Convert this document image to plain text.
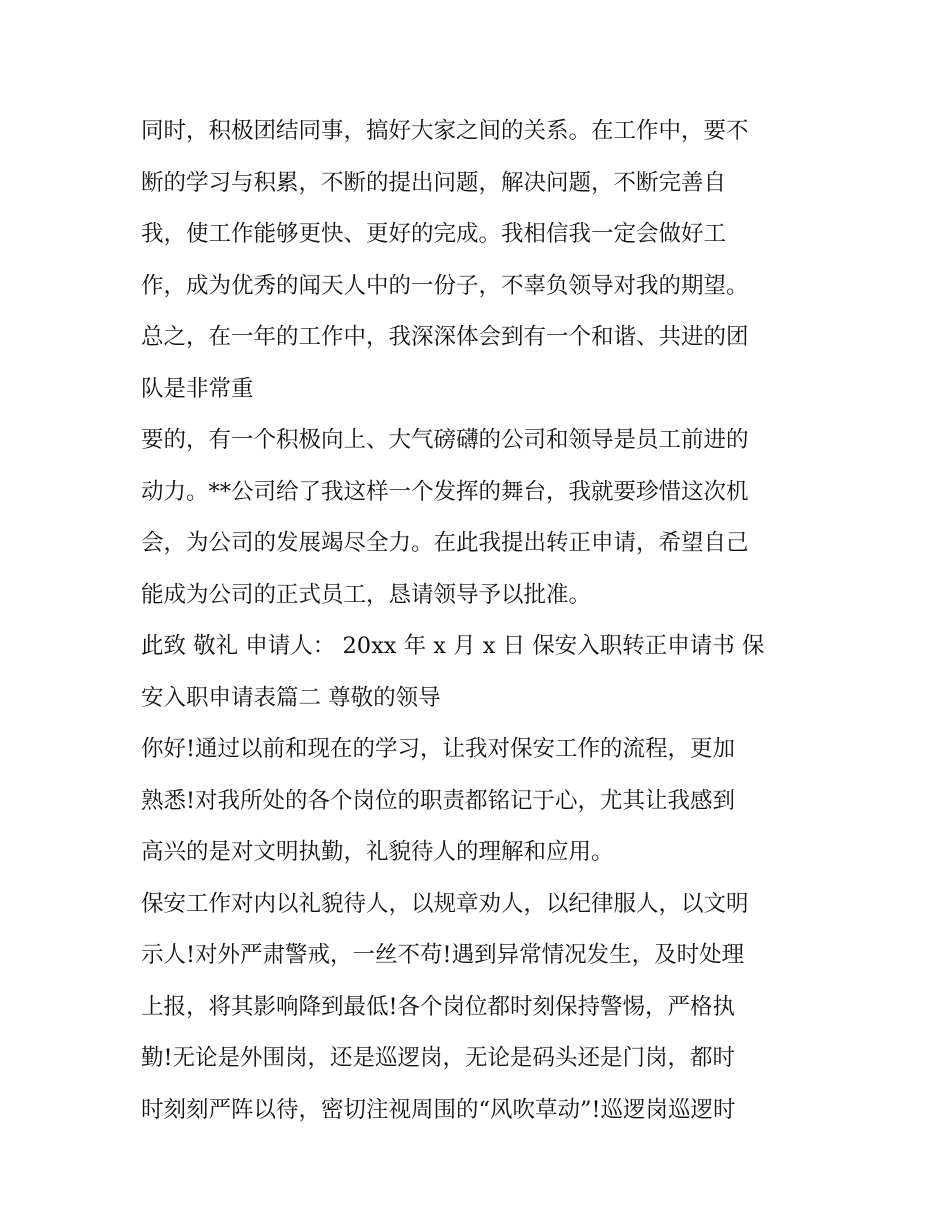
同时，积极团结同事，搞好大家之间的关系。在工作中，要不
断的学习与积累，不断的提出问题，解决问题，不断完善自
我，使工作能够更快、更好的完成。我相信我一定会做好工
作，成为优秀的闻天人中的一份子，不辜负领导对我的期望。
总之，在一年的工作中，我深深体会到有一个和谐、共进的团
队是非常重
要的，有一个积极向上、大气磅礴的公司和领导是员工前进的
动力。**公司给了我这样一个发挥的舞台，我就要珍惜这次机
会，为公司的发展竭尽全力。在此我提出转正申请，希望自己
能成为公司的正式员工，恳请领导予以批准。
此致 敬礼 申请人： 20xx 年 x 月 x 日 保安入职转正申请书 保
安入职申请表篇二 尊敬的领导
你好!通过以前和现在的学习，让我对保安工作的流程，更加
熟悉!对我所处的各个岗位的职责都铭记于心，尤其让我感到
高兴的是对文明执勤，礼貌待人的理解和应用。
保安工作对内以礼貌待人，以规章劝人，以纪律服人，以文明
示人!对外严肃警戒，一丝不苟!遇到异常情况发生，及时处理
上报，将其影响降到最低!各个岗位都时刻保持警惕，严格执
勤!无论是外围岗，还是巡逻岗，无论是码头还是门岗，都时
时刻刻严阵以待，密切注视周围的“风吹草动”!巡逻岗巡逻时
